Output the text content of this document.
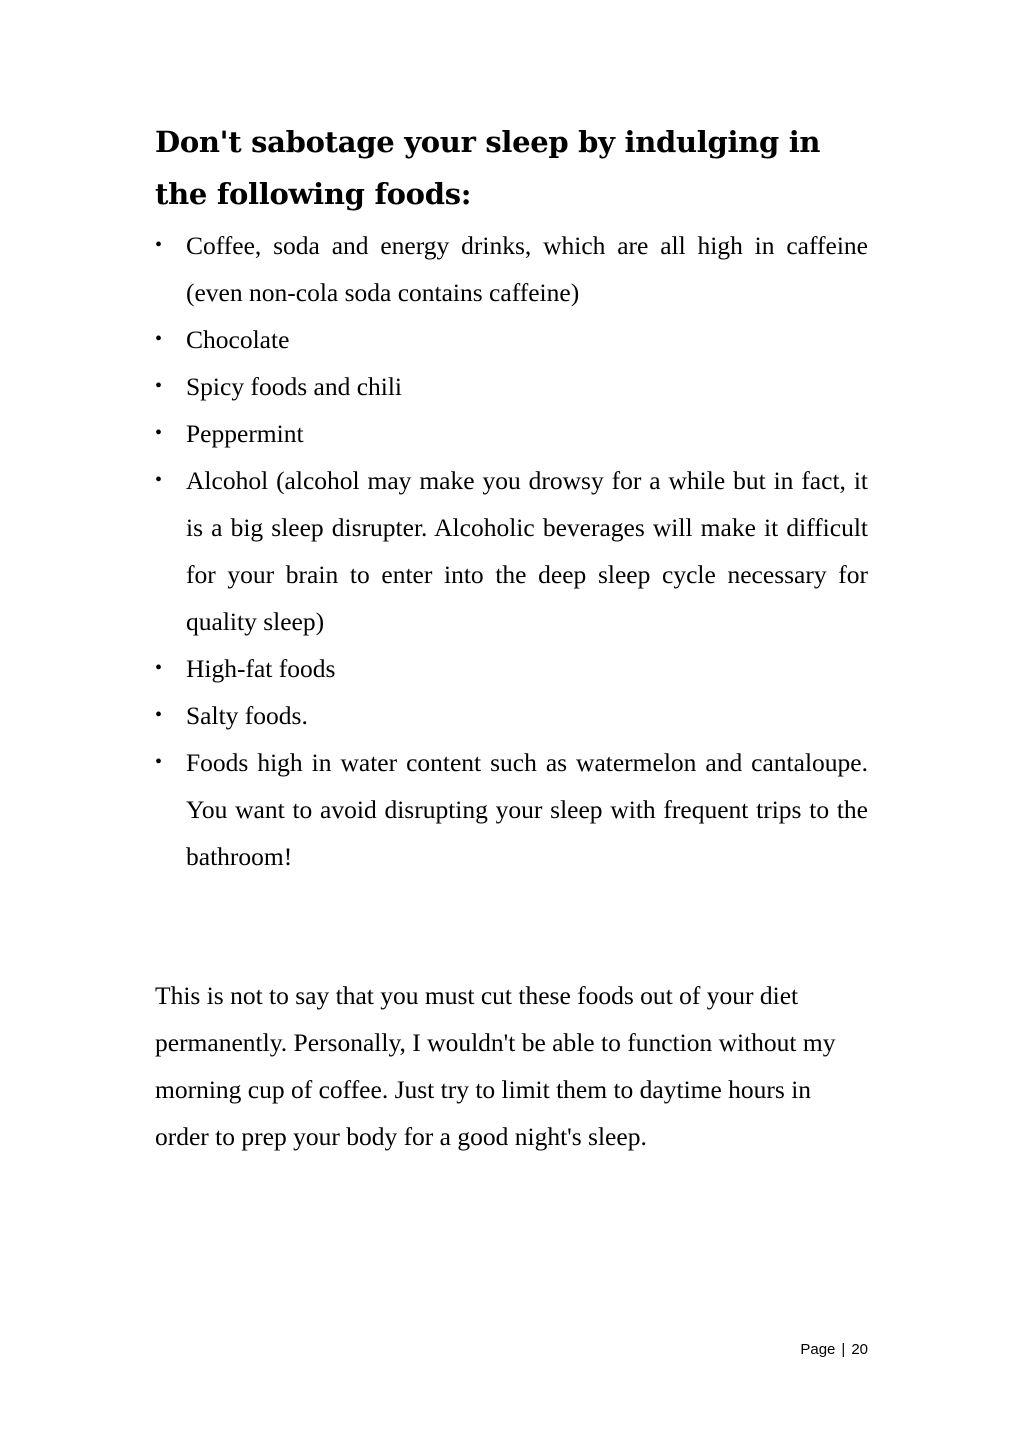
Don't sabotage your sleep by indulging in the following foods:
• Coffee, soda and energy drinks, which are all high in caffeine (even non-cola soda contains caffeine)
• Chocolate
• Spicy foods and chili
• Peppermint
• Alcohol (alcohol may make you drowsy for a while but in fact, it is a big sleep disrupter. Alcoholic beverages will make it difficult for your brain to enter into the deep sleep cycle necessary for quality sleep)
• High-fat foods
• Salty foods.
• Foods high in water content such as watermelon and cantaloupe. You want to avoid disrupting your sleep with frequent trips to the bathroom!

This is not to say that you must cut these foods out of your diet permanently. Personally, I wouldn't be able to function without my morning cup of coffee. Just try to limit them to daytime hours in order to prep your body for a good night's sleep.

Page | 20
